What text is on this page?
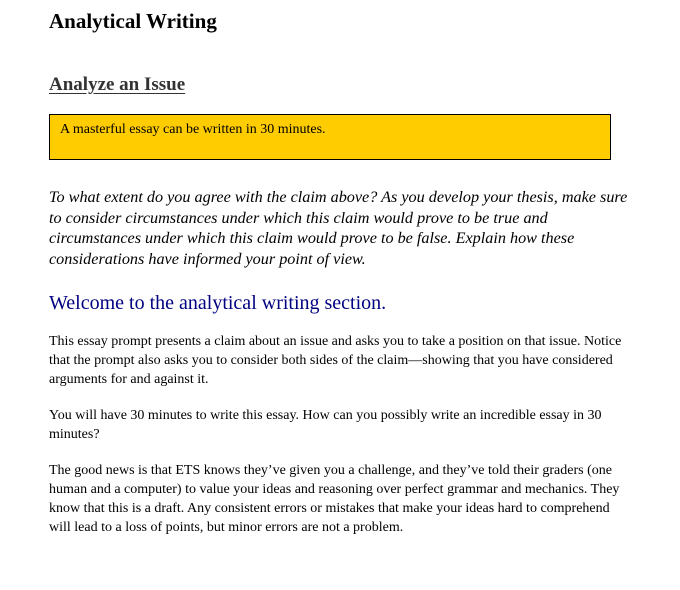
Analytical Writing
Analyze an Issue
A masterful essay can be written in 30 minutes.

To what extent do you agree with the claim above? As you develop your thesis, make sure to consider circumstances under which this claim would prove to be true and circumstances under which this claim would prove to be false. Explain how these considerations have informed your point of view.

Welcome to the analytical writing section.

This essay prompt presents a claim about an issue and asks you to take a position on that issue. Notice that the prompt also asks you to consider both sides of the claim—showing that you have considered arguments for and against it.

You will have 30 minutes to write this essay. How can you possibly write an incredible essay in 30 minutes?

The good news is that ETS knows they’ve given you a challenge, and they’ve told their graders (one human and a computer) to value your ideas and reasoning over perfect grammar and mechanics. They know that this is a draft. Any consistent errors or mistakes that make your ideas hard to comprehend will lead to a loss of points, but minor errors are not a problem.
